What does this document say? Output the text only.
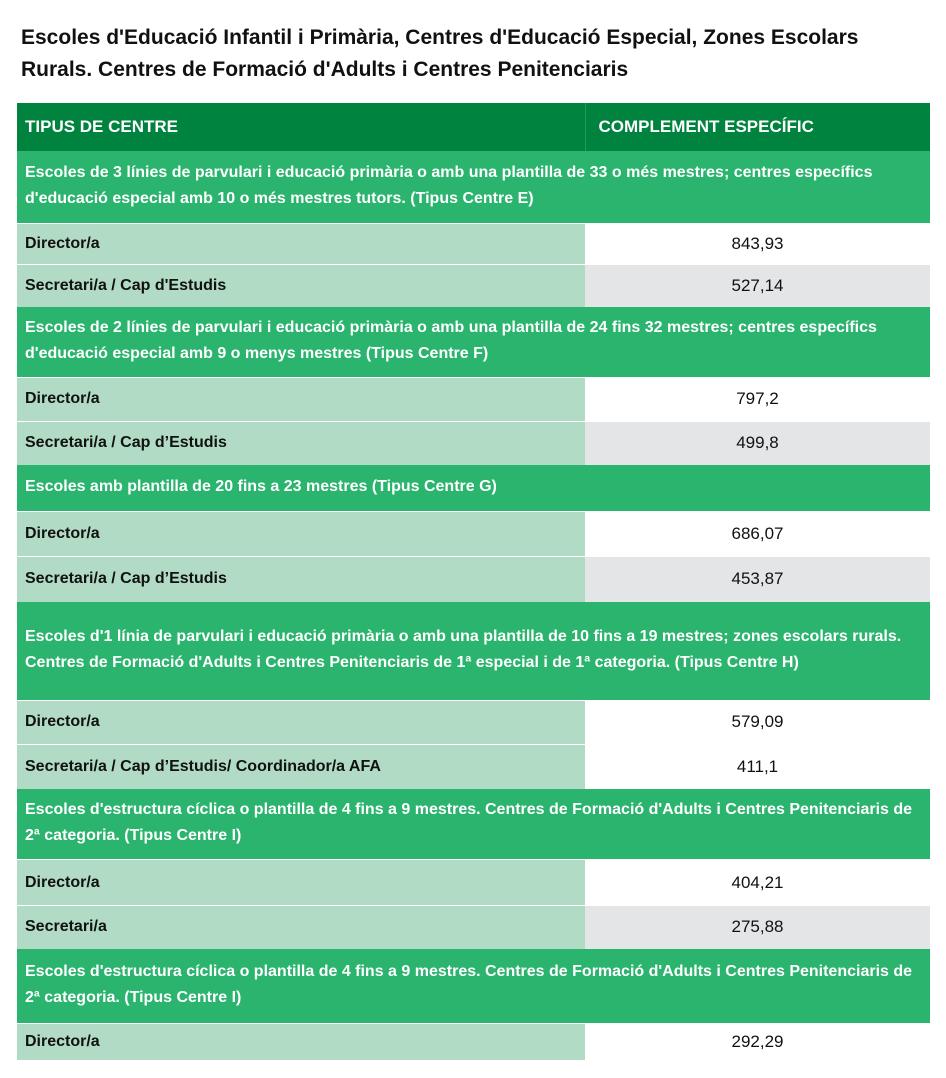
Escoles d'Educació Infantil i Primària, Centres d'Educació Especial, Zones Escolars Rurals. Centres de Formació d'Adults i Centres Penitenciaris
TIPUS DE CENTRE	COMPLEMENT ESPECÍFIC
Escoles de 3 línies de parvulari i educació primària o amb una plantilla de 33 o més mestres; centres específics d'educació especial amb 10 o més mestres tutors. (Tipus Centre E)	
Director/a	843,93
Secretari/a / Cap d'Estudis	527,14
Escoles de 2 línies de parvulari i educació primària o amb una plantilla de 24 fins 32 mestres; centres específics d'educació especial amb 9 o menys mestres (Tipus Centre F)	
Director/a	797,2
Secretari/a / Cap d’Estudis	499,8
Escoles amb plantilla de 20 fins a 23 mestres (Tipus Centre G)	
Director/a	686,07
Secretari/a / Cap d’Estudis	453,87
Escoles d'1 línia de parvulari i educació primària o amb una plantilla de 10 fins a 19 mestres; zones escolars rurals. Centres de Formació d'Adults i Centres Penitenciaris de 1ª especial i de 1ª categoria. (Tipus Centre H)	
Director/a	579,09
Secretari/a / Cap d’Estudis/ Coordinador/a AFA	411,1
Escoles d'estructura cíclica o plantilla de 4 fins a 9 mestres. Centres de Formació d'Adults i Centres Penitenciaris de 2ª categoria. (Tipus Centre I)	
Director/a	404,21
Secretari/a	275,88
Escoles d'estructura cíclica o plantilla de 4 fins a 9 mestres. Centres de Formació d'Adults i Centres Penitenciaris de 2ª categoria. (Tipus Centre I)	
Director/a	292,29
